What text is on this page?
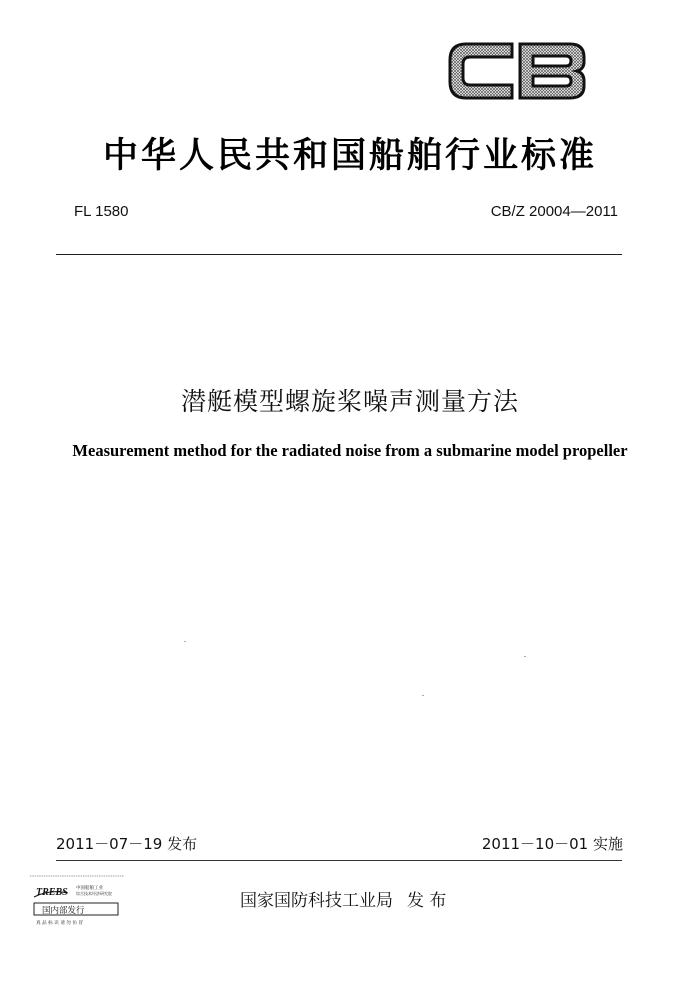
CB
中华人民共和国船舶行业标准
FL 1580	CB/Z 20004—2011
潜艇模型螺旋桨噪声测量方法
Measurement method for the radiated noise from a submarine model propeller
2011－07－19 发布	2011－10－01 实施
TREBS 中国船舶工业
综合技术经济研究院
国内部发行
真 品 标 识 请 勿 仿 冒
国家国防科技工业局 发 布
